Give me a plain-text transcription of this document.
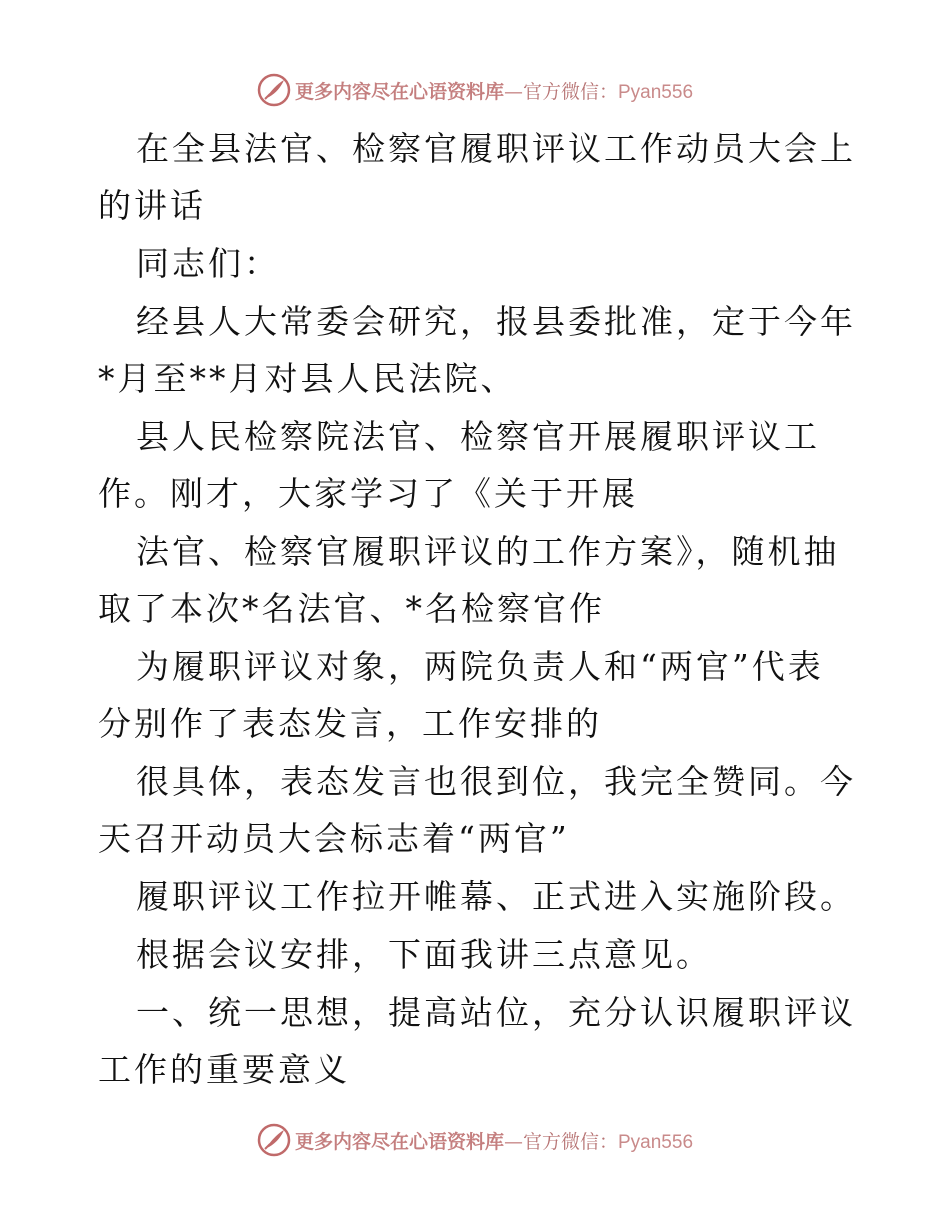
更多内容尽在心语资料库—官方微信：Pyan556

在全县法官、检察官履职评议工作动员大会上的讲话

同志们：

经县人大常委会研究，报县委批准，定于今年*月至**月对县人民法院、

县人民检察院法官、检察官开展履职评议工作。刚才，大家学习了《关于开展

法官、检察官履职评议的工作方案》，随机抽取了本次*名法官、*名检察官作

为履职评议对象，两院负责人和“两官”代表分别作了表态发言，工作安排的

很具体，表态发言也很到位，我完全赞同。今天召开动员大会标志着“两官”

履职评议工作拉开帷幕、正式进入实施阶段。

根据会议安排，下面我讲三点意见。

一、统一思想，提高站位，充分认识履职评议工作的重要意义

更多内容尽在心语资料库—官方微信：Pyan556
